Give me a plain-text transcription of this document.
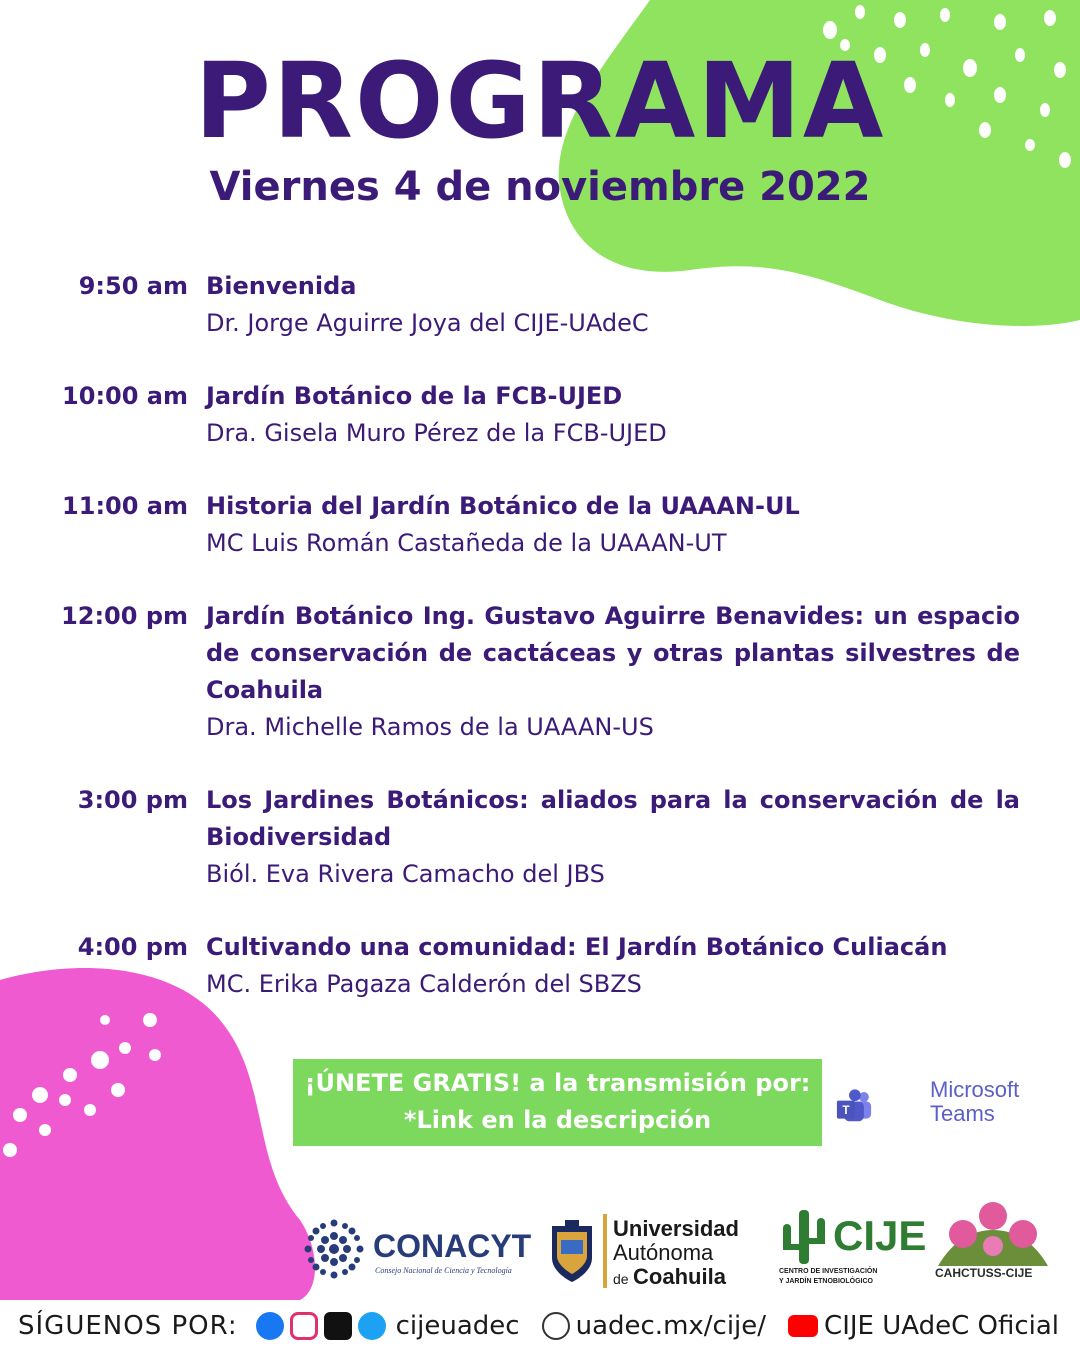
PROGRAMA
Viernes 4 de noviembre 2022
9:50 am Bienvenida
Dr. Jorge Aguirre Joya del CIJE-UAdeC
10:00 am Jardín Botánico de la FCB-UJED
Dra. Gisela Muro Pérez de la FCB-UJED
11:00 am Historia del Jardín Botánico de la UAAAN-UL
MC Luis Román Castañeda de la UAAAN-UT
12:00 pm Jardín Botánico Ing. Gustavo Aguirre Benavides: un espacio de conservación de cactáceas y otras plantas silvestres de Coahuila
Dra. Michelle Ramos de la UAAAN-US
3:00 pm Los Jardines Botánicos: aliados para la conservación de la Biodiversidad
Biól. Eva Rivera Camacho del JBS
4:00 pm Cultivando una comunidad: El Jardín Botánico Culiacán
MC. Erika Pagaza Calderón del SBZS
¡ÚNETE GRATIS! a la transmisión por:
*Link en la descripción	T
Microsoft
Teams
CONACYT
Consejo Nacional de Ciencia y Tecnología
Universidad
Autónoma
de Coahuila
CIJE
CENTRO DE INVESTIGACIÓN
Y JARDÍN ETNOBIOLÓGICO
CAHCTUSS-CIJE
SÍGUENOS POR:	cijeuadec uadec.mx/cije/ CIJE UAdeC Oficial
